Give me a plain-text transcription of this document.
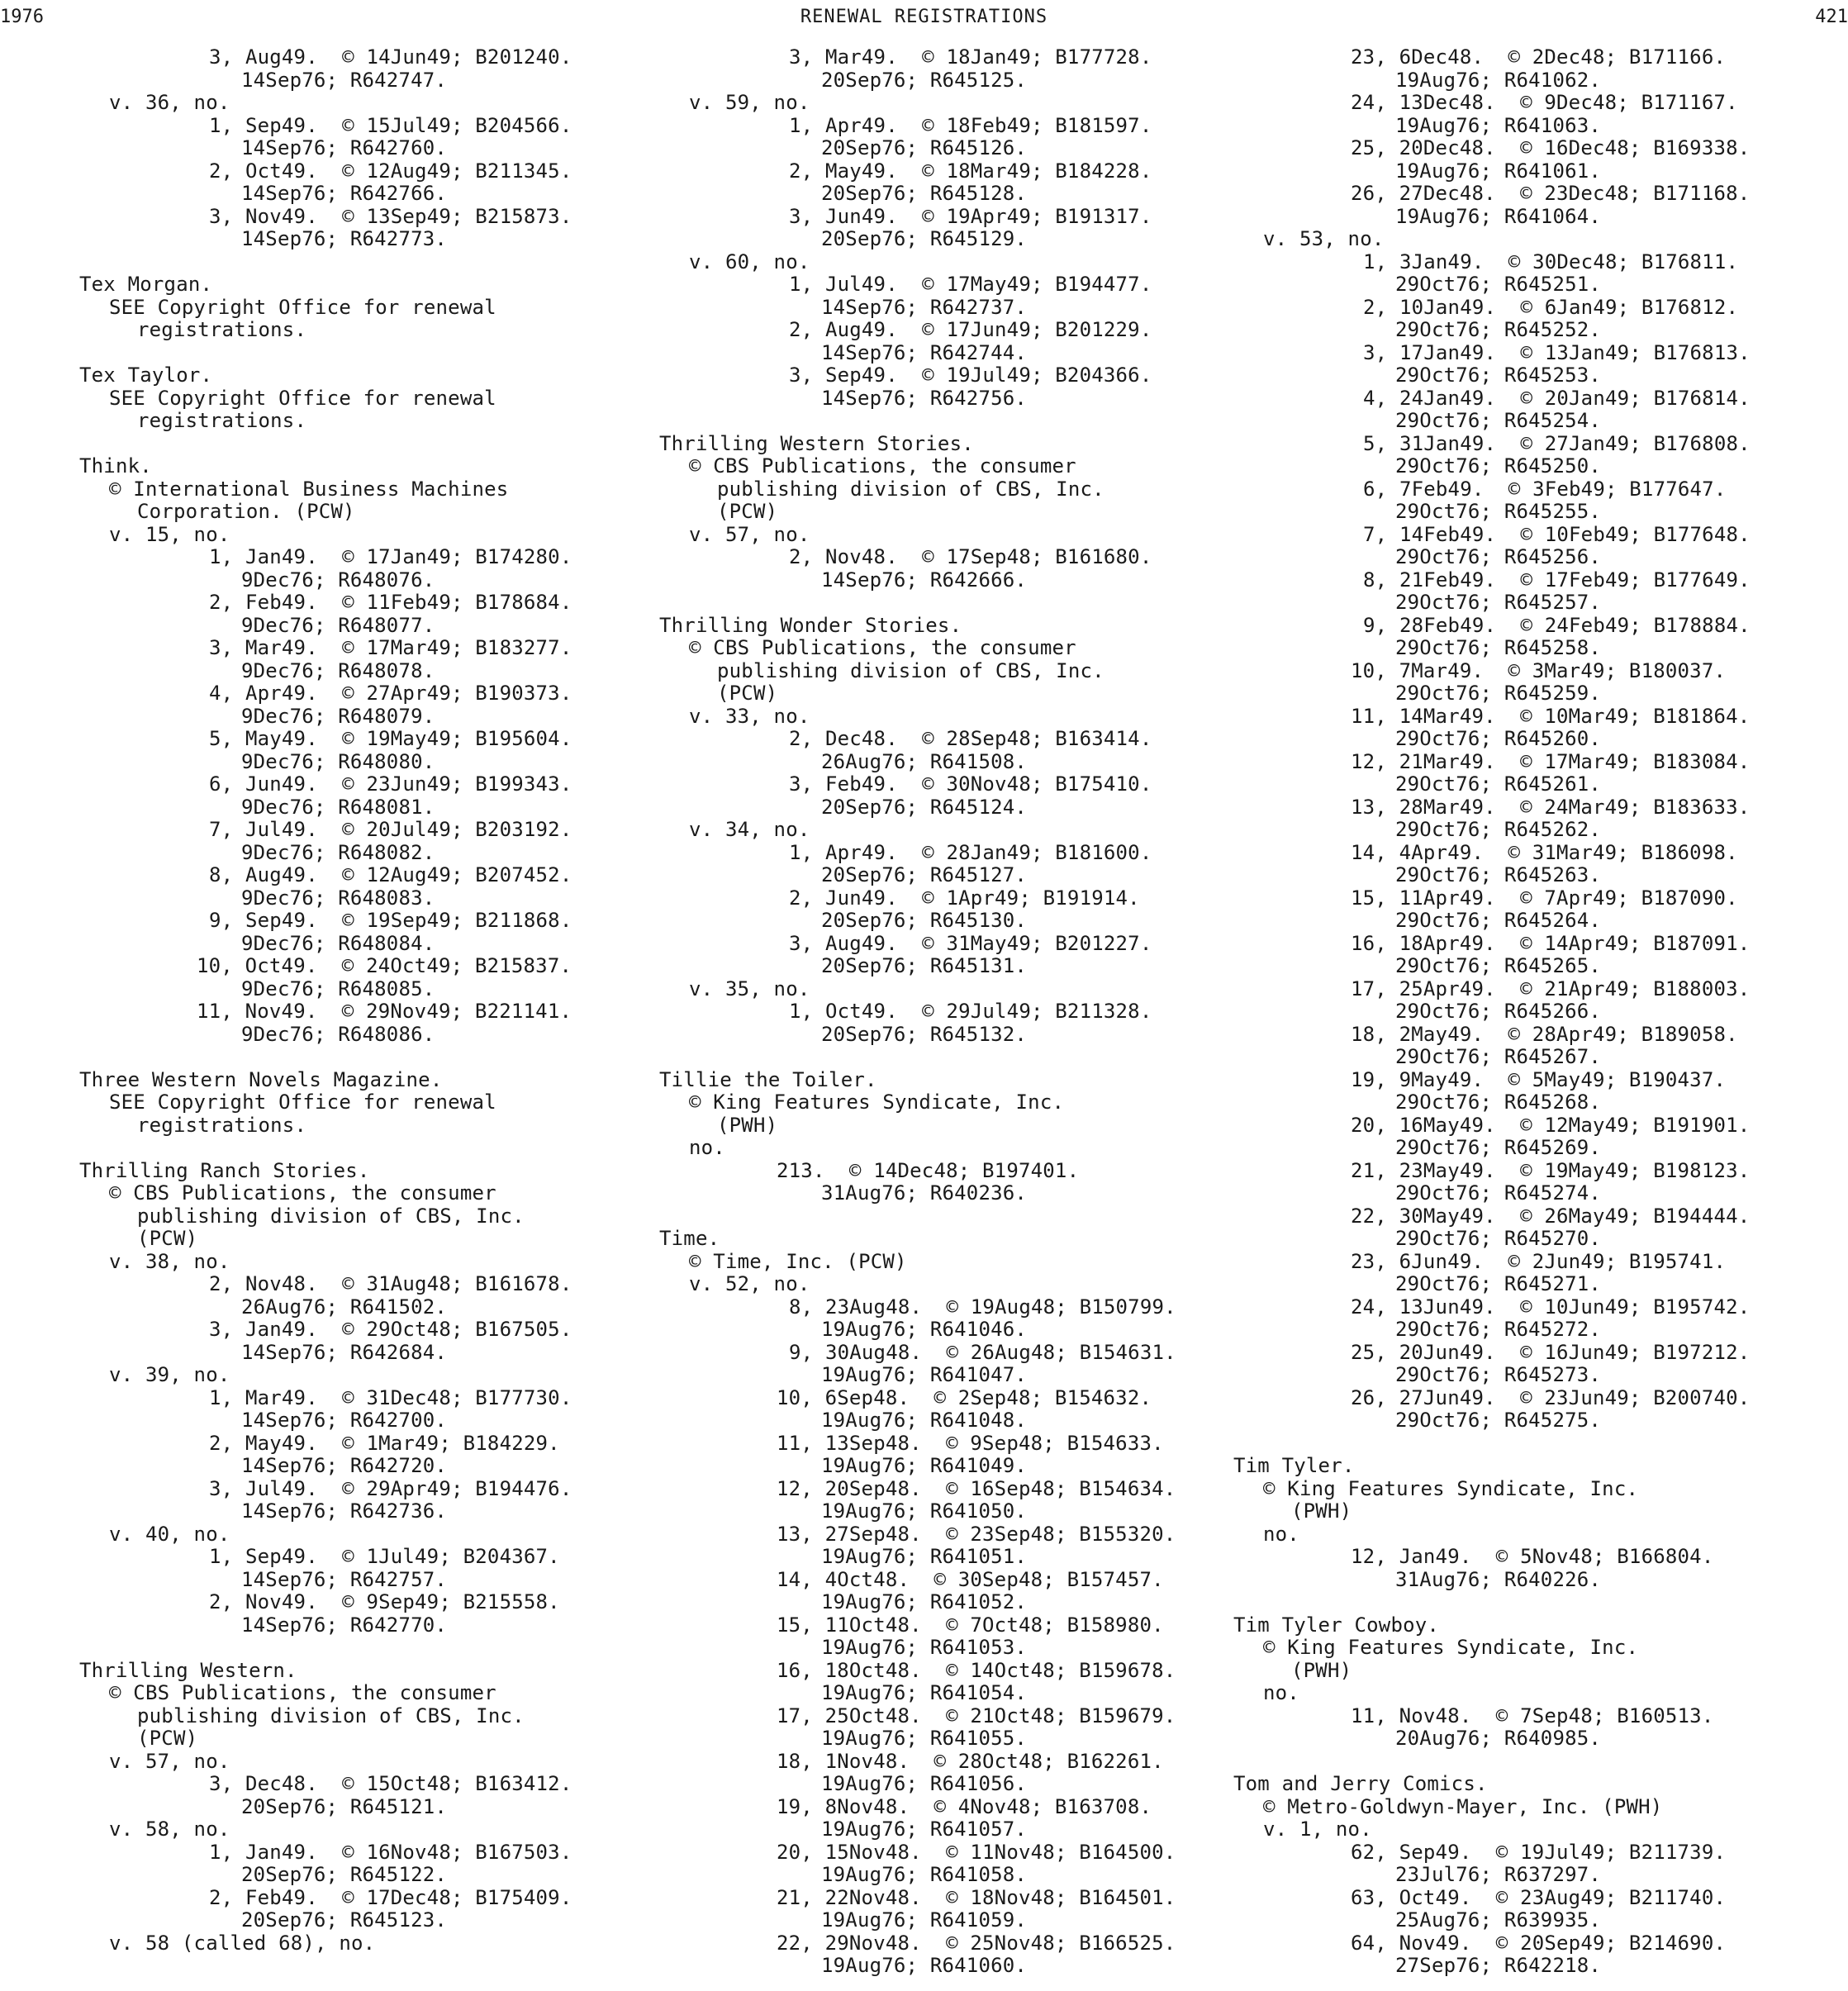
1976	RENEWAL REGISTRATIONS	421
3, Aug49.  © 14Jun49; B201240.
14Sep76; R642747.
v. 36, no.
1, Sep49.  © 15Jul49; B204566.
14Sep76; R642760.
2, Oct49.  © 12Aug49; B211345.
14Sep76; R642766.
3, Nov49.  © 13Sep49; B215873.
14Sep76; R642773.
Tex Morgan.
SEE Copyright Office for renewal
registrations.
Tex Taylor.
SEE Copyright Office for renewal
registrations.
Think.
© International Business Machines
Corporation. (PCW)
v. 15, no.
1, Jan49.  © 17Jan49; B174280.
9Dec76; R648076.
2, Feb49.  © 11Feb49; B178684.
9Dec76; R648077.
3, Mar49.  © 17Mar49; B183277.
9Dec76; R648078.
4, Apr49.  © 27Apr49; B190373.
9Dec76; R648079.
5, May49.  © 19May49; B195604.
9Dec76; R648080.
6, Jun49.  © 23Jun49; B199343.
9Dec76; R648081.
7, Jul49.  © 20Jul49; B203192.
9Dec76; R648082.
8, Aug49.  © 12Aug49; B207452.
9Dec76; R648083.
9, Sep49.  © 19Sep49; B211868.
9Dec76; R648084.
10, Oct49.  © 24Oct49; B215837.
9Dec76; R648085.
11, Nov49.  © 29Nov49; B221141.
9Dec76; R648086.
Three Western Novels Magazine.
SEE Copyright Office for renewal
registrations.
Thrilling Ranch Stories.
© CBS Publications, the consumer
publishing division of CBS, Inc.
(PCW)
v. 38, no.
2, Nov48.  © 31Aug48; B161678.
26Aug76; R641502.
3, Jan49.  © 29Oct48; B167505.
14Sep76; R642684.
v. 39, no.
1, Mar49.  © 31Dec48; B177730.
14Sep76; R642700.
2, May49.  © 1Mar49; B184229.
14Sep76; R642720.
3, Jul49.  © 29Apr49; B194476.
14Sep76; R642736.
v. 40, no.
1, Sep49.  © 1Jul49; B204367.
14Sep76; R642757.
2, Nov49.  © 9Sep49; B215558.
14Sep76; R642770.
Thrilling Western.
© CBS Publications, the consumer
publishing division of CBS, Inc.
(PCW)
v. 57, no.
3, Dec48.  © 15Oct48; B163412.
20Sep76; R645121.
v. 58, no.
1, Jan49.  © 16Nov48; B167503.
20Sep76; R645122.
2, Feb49.  © 17Dec48; B175409.
20Sep76; R645123.
v. 58 (called 68), no.
3, Mar49.  © 18Jan49; B177728.
20Sep76; R645125.
v. 59, no.
1, Apr49.  © 18Feb49; B181597.
20Sep76; R645126.
2, May49.  © 18Mar49; B184228.
20Sep76; R645128.
3, Jun49.  © 19Apr49; B191317.
20Sep76; R645129.
v. 60, no.
1, Jul49.  © 17May49; B194477.
14Sep76; R642737.
2, Aug49.  © 17Jun49; B201229.
14Sep76; R642744.
3, Sep49.  © 19Jul49; B204366.
14Sep76; R642756.
Thrilling Western Stories.
© CBS Publications, the consumer
publishing division of CBS, Inc.
(PCW)
v. 57, no.
2, Nov48.  © 17Sep48; B161680.
14Sep76; R642666.
Thrilling Wonder Stories.
© CBS Publications, the consumer
publishing division of CBS, Inc.
(PCW)
v. 33, no.
2, Dec48.  © 28Sep48; B163414.
26Aug76; R641508.
3, Feb49.  © 30Nov48; B175410.
20Sep76; R645124.
v. 34, no.
1, Apr49.  © 28Jan49; B181600.
20Sep76; R645127.
2, Jun49.  © 1Apr49; B191914.
20Sep76; R645130.
3, Aug49.  © 31May49; B201227.
20Sep76; R645131.
v. 35, no.
1, Oct49.  © 29Jul49; B211328.
20Sep76; R645132.
Tillie the Toiler.
© King Features Syndicate, Inc.
(PWH)
no.
213.  © 14Dec48; B197401.
31Aug76; R640236.
Time.
© Time, Inc. (PCW)
v. 52, no.
8, 23Aug48.  © 19Aug48; B150799.
19Aug76; R641046.
9, 30Aug48.  © 26Aug48; B154631.
19Aug76; R641047.
10, 6Sep48.  © 2Sep48; B154632.
19Aug76; R641048.
11, 13Sep48.  © 9Sep48; B154633.
19Aug76; R641049.
12, 20Sep48.  © 16Sep48; B154634.
19Aug76; R641050.
13, 27Sep48.  © 23Sep48; B155320.
19Aug76; R641051.
14, 4Oct48.  © 30Sep48; B157457.
19Aug76; R641052.
15, 11Oct48.  © 7Oct48; B158980.
19Aug76; R641053.
16, 18Oct48.  © 14Oct48; B159678.
19Aug76; R641054.
17, 25Oct48.  © 21Oct48; B159679.
19Aug76; R641055.
18, 1Nov48.  © 28Oct48; B162261.
19Aug76; R641056.
19, 8Nov48.  © 4Nov48; B163708.
19Aug76; R641057.
20, 15Nov48.  © 11Nov48; B164500.
19Aug76; R641058.
21, 22Nov48.  © 18Nov48; B164501.
19Aug76; R641059.
22, 29Nov48.  © 25Nov48; B166525.
19Aug76; R641060.
23, 6Dec48.  © 2Dec48; B171166.
19Aug76; R641062.
24, 13Dec48.  © 9Dec48; B171167.
19Aug76; R641063.
25, 20Dec48.  © 16Dec48; B169338.
19Aug76; R641061.
26, 27Dec48.  © 23Dec48; B171168.
19Aug76; R641064.
v. 53, no.
1, 3Jan49.  © 30Dec48; B176811.
29Oct76; R645251.
2, 10Jan49.  © 6Jan49; B176812.
29Oct76; R645252.
3, 17Jan49.  © 13Jan49; B176813.
29Oct76; R645253.
4, 24Jan49.  © 20Jan49; B176814.
29Oct76; R645254.
5, 31Jan49.  © 27Jan49; B176808.
29Oct76; R645250.
6, 7Feb49.  © 3Feb49; B177647.
29Oct76; R645255.
7, 14Feb49.  © 10Feb49; B177648.
29Oct76; R645256.
8, 21Feb49.  © 17Feb49; B177649.
29Oct76; R645257.
9, 28Feb49.  © 24Feb49; B178884.
29Oct76; R645258.
10, 7Mar49.  © 3Mar49; B180037.
29Oct76; R645259.
11, 14Mar49.  © 10Mar49; B181864.
29Oct76; R645260.
12, 21Mar49.  © 17Mar49; B183084.
29Oct76; R645261.
13, 28Mar49.  © 24Mar49; B183633.
29Oct76; R645262.
14, 4Apr49.  © 31Mar49; B186098.
29Oct76; R645263.
15, 11Apr49.  © 7Apr49; B187090.
29Oct76; R645264.
16, 18Apr49.  © 14Apr49; B187091.
29Oct76; R645265.
17, 25Apr49.  © 21Apr49; B188003.
29Oct76; R645266.
18, 2May49.  © 28Apr49; B189058.
29Oct76; R645267.
19, 9May49.  © 5May49; B190437.
29Oct76; R645268.
20, 16May49.  © 12May49; B191901.
29Oct76; R645269.
21, 23May49.  © 19May49; B198123.
29Oct76; R645274.
22, 30May49.  © 26May49; B194444.
29Oct76; R645270.
23, 6Jun49.  © 2Jun49; B195741.
29Oct76; R645271.
24, 13Jun49.  © 10Jun49; B195742.
29Oct76; R645272.
25, 20Jun49.  © 16Jun49; B197212.
29Oct76; R645273.
26, 27Jun49.  © 23Jun49; B200740.
29Oct76; R645275.
Tim Tyler.
© King Features Syndicate, Inc.
(PWH)
no.
12, Jan49.  © 5Nov48; B166804.
31Aug76; R640226.
Tim Tyler Cowboy.
© King Features Syndicate, Inc.
(PWH)
no.
11, Nov48.  © 7Sep48; B160513.
20Aug76; R640985.
Tom and Jerry Comics.
© Metro-Goldwyn-Mayer, Inc. (PWH)
v. 1, no.
62, Sep49.  © 19Jul49; B211739.
23Jul76; R637297.
63, Oct49.  © 23Aug49; B211740.
25Aug76; R639935.
64, Nov49.  © 20Sep49; B214690.
27Sep76; R642218.
